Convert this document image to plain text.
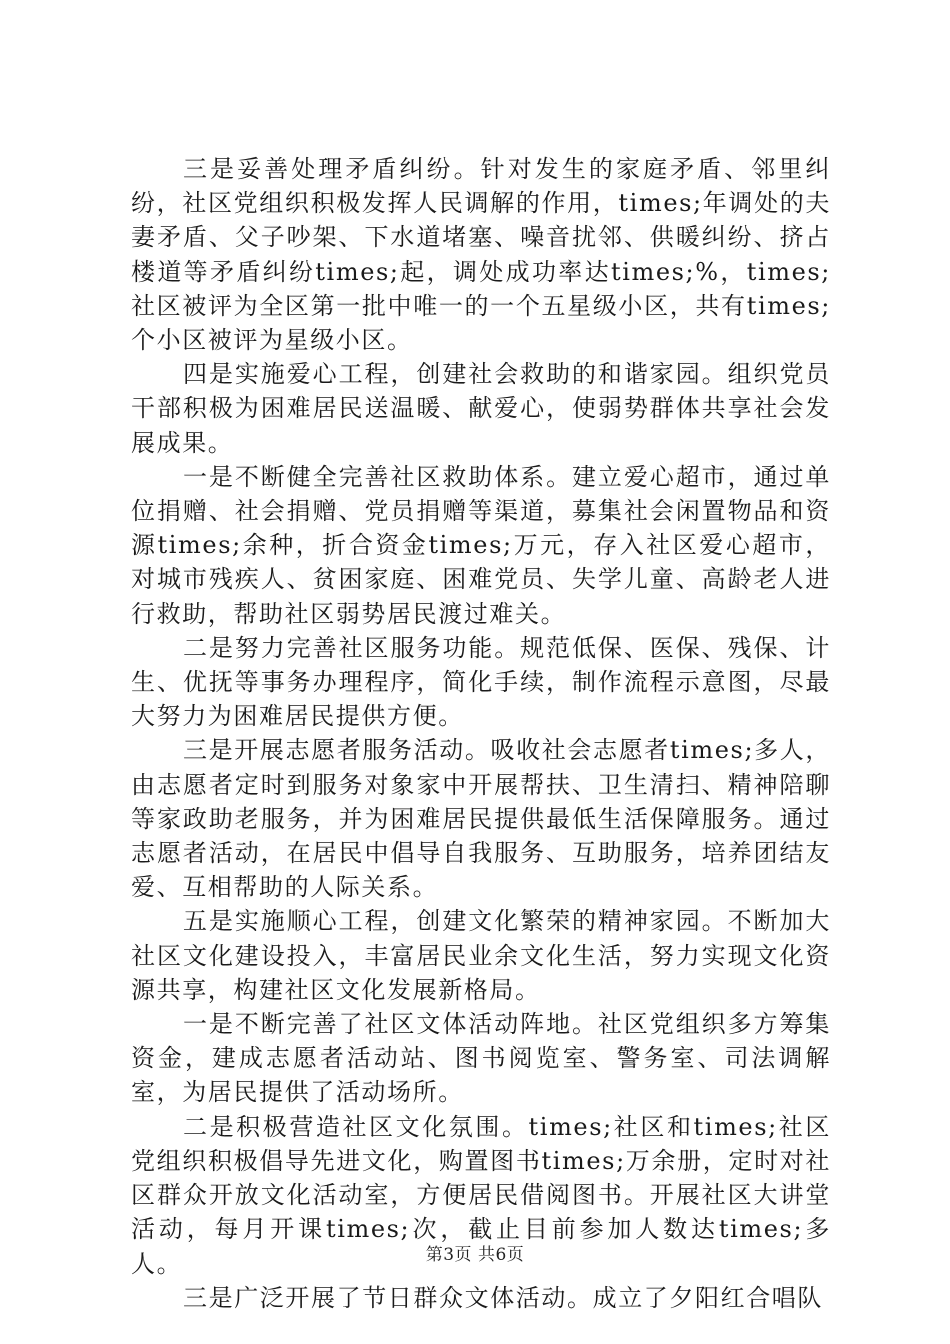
三是妥善处理矛盾纠纷。针对发生的家庭矛盾、邻里纠纷，社区党组织积极发挥人民调解的作用，times;年调处的夫妻矛盾、父子吵架、下水道堵塞、噪音扰邻、供暖纠纷、挤占楼道等矛盾纠纷times;起，调处成功率达times;%，times;社区被评为全区第一批中唯一的一个五星级小区，共有times;个小区被评为星级小区。

四是实施爱心工程，创建社会救助的和谐家园。组织党员干部积极为困难居民送温暖、献爱心，使弱势群体共享社会发展成果。

一是不断健全完善社区救助体系。建立爱心超市，通过单位捐赠、社会捐赠、党员捐赠等渠道，募集社会闲置物品和资源times;余种，折合资金times;万元，存入社区爱心超市，对城市残疾人、贫困家庭、困难党员、失学儿童、高龄老人进行救助，帮助社区弱势居民渡过难关。

二是努力完善社区服务功能。规范低保、医保、残保、计生、优抚等事务办理程序，简化手续，制作流程示意图，尽最大努力为困难居民提供方便。

三是开展志愿者服务活动。吸收社会志愿者times;多人，由志愿者定时到服务对象家中开展帮扶、卫生清扫、精神陪聊等家政助老服务，并为困难居民提供最低生活保障服务。通过志愿者活动，在居民中倡导自我服务、互助服务，培养团结友爱、互相帮助的人际关系。

五是实施顺心工程，创建文化繁荣的精神家园。不断加大社区文化建设投入，丰富居民业余文化生活，努力实现文化资源共享，构建社区文化发展新格局。

一是不断完善了社区文体活动阵地。社区党组织多方筹集资金，建成志愿者活动站、图书阅览室、警务室、司法调解室，为居民提供了活动场所。

二是积极营造社区文化氛围。times;社区和times;社区党组织积极倡导先进文化，购置图书times;万余册，定时对社区群众开放文化活动室，方便居民借阅图书。开展社区大讲堂活动，每月开课times;次，截止目前参加人数达times;多人。

三是广泛开展了节日群众文体活动。成立了夕阳红合唱队

第3页 共6页
